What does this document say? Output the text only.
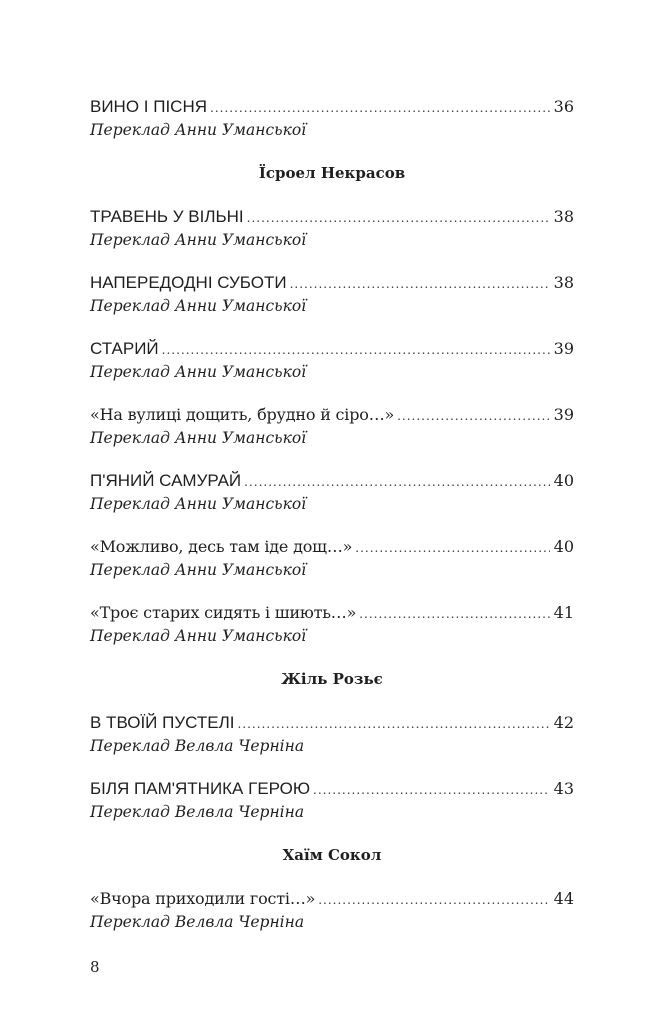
ВИНО І ПІСНЯ .....	36
Переклад Анни Уманської
Їсроел Некрасов
ТРАВЕНЬ У ВІЛЬНІ .....	38
Переклад Анни Уманської
НАПЕРЕДОДНІ СУБОТИ .....	38
Переклад Анни Уманської
СТАРИЙ .....	39
Переклад Анни Уманської
«На вулиці дощить, брудно й сіро…» .....	39
Переклад Анни Уманської
П'ЯНИЙ САМУРАЙ .....	40
Переклад Анни Уманської
«Можливо, десь там іде дощ…» .....	40
Переклад Анни Уманської
«Троє старих сидять і шиють…» .....	41
Переклад Анни Уманської
Жіль Розьє
В ТВОЇЙ ПУСТЕЛІ .....	42
Переклад Велвла Черніна
БІЛЯ ПАМ'ЯТНИКА ГЕРОЮ .....	43
Переклад Велвла Черніна
Хаїм Сокол
«Вчора приходили гості…» .....	44
Переклад Велвла Черніна
8
